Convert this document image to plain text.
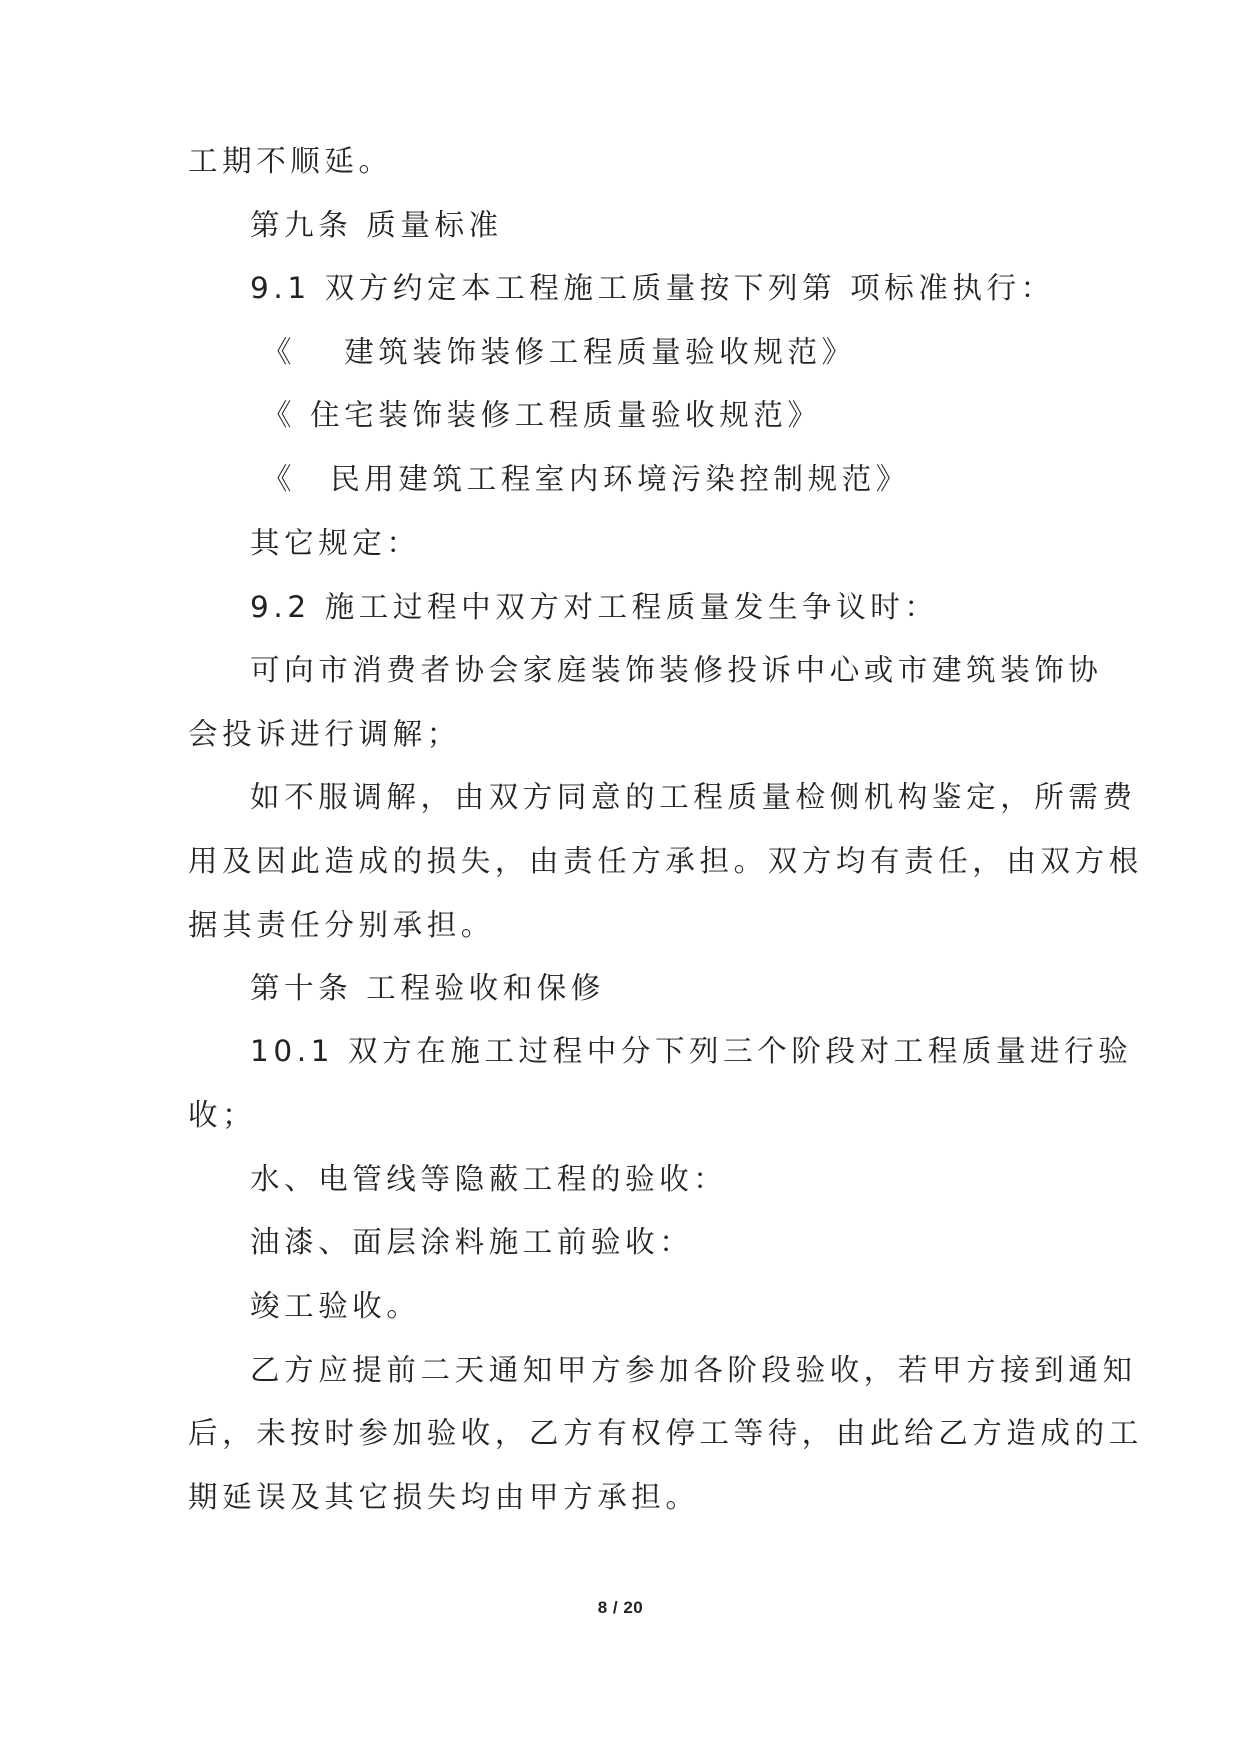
工期不顺延。
第九条 质量标准
9.1 双方约定本工程施工质量按下列第 项标准执行：
《　 建筑装饰装修工程质量验收规范》
《 住宅装饰装修工程质量验收规范》
《　民用建筑工程室内环境污染控制规范》
其它规定：
9.2 施工过程中双方对工程质量发生争议时：
可向市消费者协会家庭装饰装修投诉中心或市建筑装饰协
会投诉进行调解；
如不服调解，由双方同意的工程质量检侧机构鉴定，所需费
用及因此造成的损失，由责任方承担。双方均有责任，由双方根
据其责任分别承担。
第十条 工程验收和保修
10.1 双方在施工过程中分下列三个阶段对工程质量进行验
收；
水、电管线等隐蔽工程的验收：
油漆、面层涂料施工前验收：
竣工验收。
乙方应提前二天通知甲方参加各阶段验收，若甲方接到通知
后，未按时参加验收，乙方有权停工等待，由此给乙方造成的工
期延误及其它损失均由甲方承担。
8 / 20
